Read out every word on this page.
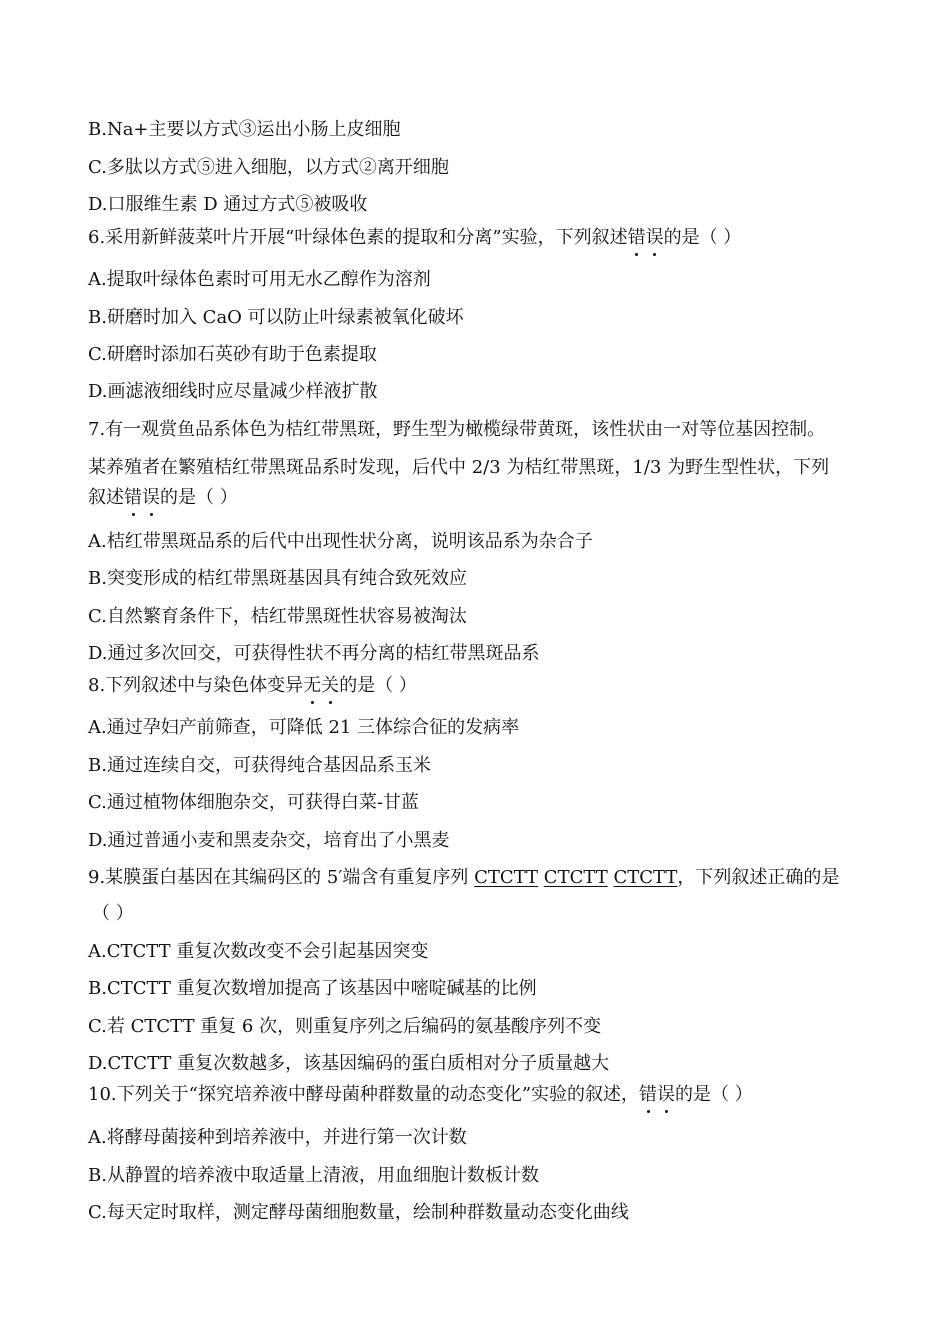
B.Na+主要以方式③运出小肠上皮细胞
C.多肽以方式⑤进入细胞，以方式②离开细胞
D.口服维生素 D 通过方式⑤被吸收
6.采用新鲜菠菜叶片开展“叶绿体色素的提取和分离”实验，下列叙述错误
的是（ ）
A.提取叶绿体色素时可用无水乙醇作为溶剂
B.研磨时加入 CaO 可以防止叶绿素被氧化破坏
C.研磨时添加石英砂有助于色素提取
D.画滤液细线时应尽量减少样液扩散
7.有一观赏鱼品系体色为桔红带黑斑，野生型为橄榄绿带黄斑，该性状由一对等位基因控制。
某养殖者在繁殖桔红带黑斑品系时发现，后代中 2/3 为桔红带黑斑，1/3 为野生型性状，下列
叙述错误
的是（ ）
A.桔红带黑斑品系的后代中出现性状分离，说明该品系为杂合子
B.突变形成的桔红带黑斑基因具有纯合致死效应
C.自然繁育条件下，桔红带黑斑性状容易被淘汰
D.通过多次回交，可获得性状不再分离的桔红带黑斑品系
8.下列叙述中与染色体变异无关
的是（ ）
A.通过孕妇产前筛查，可降低 21 三体综合征的发病率
B.通过连续自交，可获得纯合基因品系玉米
C.通过植物体细胞杂交，可获得白菜-甘蓝
D.通过普通小麦和黑麦杂交，培育出了小黑麦
9.某膜蛋白基因在其编码区的 5′端含有重复序列 CTCTT CTCTT CTCTT，下列叙述正确的是
（ ）
A.CTCTT 重复次数改变不会引起基因突变
B.CTCTT 重复次数增加提高了该基因中嘧啶碱基的比例
C.若 CTCTT 重复 6 次，则重复序列之后编码的氨基酸序列不变
D.CTCTT 重复次数越多，该基因编码的蛋白质相对分子质量越大
10.下列关于“探究培养液中酵母菌种群数量的动态变化”实验的叙述，错误
的是（ ）
A.将酵母菌接种到培养液中，并进行第一次计数
B.从静置的培养液中取适量上清液，用血细胞计数板计数
C.每天定时取样，测定酵母菌细胞数量，绘制种群数量动态变化曲线
